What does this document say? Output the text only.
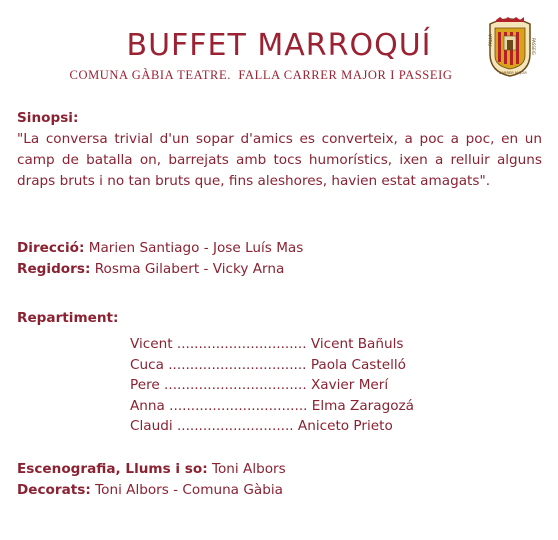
BUFFET MARROQUÍ
COMUNA GÀBIA TEATRE.  FALLA CARRER MAJOR I PASSEIG
FALLA	PASSEIG
CARRER MAJOR
Sinopsi:

"La conversa trivial d'un sopar d'amics es converteix, a poc a poc, en un camp de batalla on, barrejats amb tocs humorístics, ixen a relluir alguns draps bruts i no tan bruts que, fins aleshores, havien estat amagats".

Direcció: Marien Santiago - Jose Luís Mas
Regidors: Rosma Gilabert - Vicky Arna
Repartiment:
Vicent .............................. Vicent Bañuls
Cuca ................................ Paola Castelló
Pere ................................. Xavier Merí
Anna ................................ Elma Zaragozá
Claudi ........................... Aniceto Prieto
Escenografia, Llums i so: Toni Albors
Decorats: Toni Albors - Comuna Gàbia
